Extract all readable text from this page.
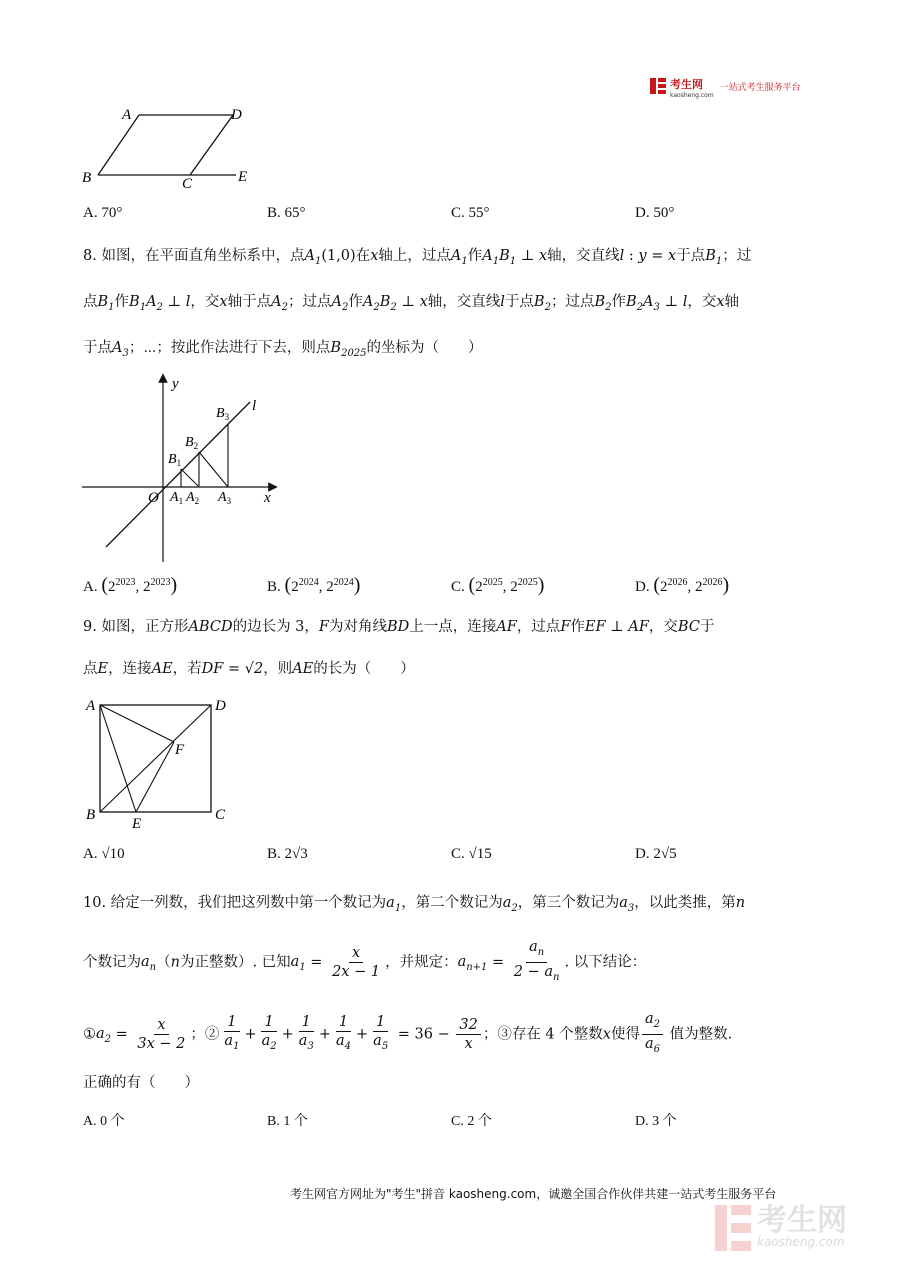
考生网
kaosheng.com
一站式考生服务平台
A	D
B	C	E
A. 70°	B. 65°	C. 55°	D. 50°
8. 如图，在平面直角坐标系中，点$A_1(1,0)$在x轴上，过点$A_1$作$A_1B_1$ ⊥ x轴，交直线l : y = x于点$B_1$；过
点$B_1$作$B_1A_2$ ⊥ l，交x轴于点$A_2$；过点$A_2$作$A_2B_2$ ⊥ x轴，交直线l于点$B_2$；过点$B_2$作$B_2A_3$ ⊥ l，交x轴
于点$A_3$；⋯；按此作法进行下去，则点$B_{2025}$的坐标为（　　）
y
x
l
O
$B_1$
$B_2$
$B_3$
$A_1$ $A_2$ $A_3$
A. ($2^{2023}$, $2^{2023}$)	B. ($2^{2024}$, $2^{2024}$)	C. ($2^{2025}$, $2^{2025}$)	D. ($2^{2026}$, $2^{2026}$)
9. 如图，正方形ABCD的边长为 3，F为对角线BD上一点，连接AF，过点F作EF ⊥ AF，交BC于
点E，连接AE，若DF = √2，则AE的长为（　　）
A	D
F
B
E
C
A. √10	B. 2√3	C. √15	D. 2√5
10. 给定一列数，我们把这列数中第一个数记为$a_1$，第二个数记为$a_2$，第三个数记为$a_3$，以此类推，第n
个数记为$a_n(n$为正整数）. 已知$a_1 = \frac{x}{2x - 1}$ ，并规定：$a_{n+1} = \frac{a_n}{2 - a_n}$ . 以下结论：
$①a_2 = \frac{x}{3x - 2}$ ；② $\frac{1}{a_1} + \frac{1}{a_2} + \frac{1}{a_3} + \frac{1}{a_4} + \frac{1}{a_5} = 36 - \frac{32}{x}$ ；③存在 4 个整数x使得 $\frac{a_2}{a_6}$ 值为整数.
正确的有（　　）
A. 0 个	B. 1 个	C. 2 个	D. 3 个
考生网官方网址为"考生"拼音 kaosheng.com，诚邀全国合作伙伴共建一站式考生服务平台
考生网
kaosheng.com
